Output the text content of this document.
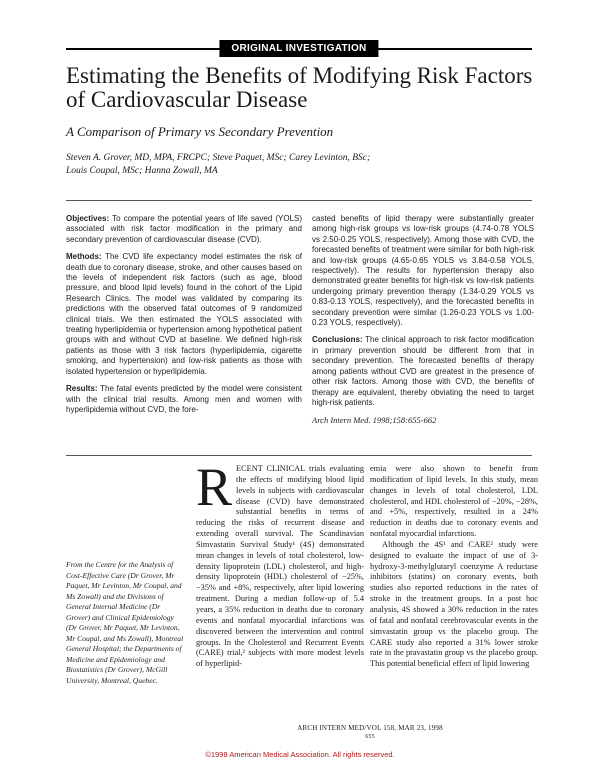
ORIGINAL INVESTIGATION
Estimating the Benefits of Modifying Risk Factors of Cardiovascular Disease
A Comparison of Primary vs Secondary Prevention
Steven A. Grover, MD, MPA, FRCPC; Steve Paquet, MSc; Carey Levinton, BSc;
Louis Coupal, MSc; Hanna Zowall, MA

Objectives: To compare the potential years of life saved (YOLS) associated with risk factor modification in the primary and secondary prevention of cardiovascular disease (CVD).

Methods: The CVD life expectancy model estimates the risk of death due to coronary disease, stroke, and other causes based on the levels of independent risk factors (such as age, blood pressure, and blood lipid levels) found in the cohort of the Lipid Research Clinics. The model was validated by comparing its predictions with the observed fatal outcomes of 9 randomized clinical trials. We then estimated the YOLS associated with treating hyperlipidemia or hypertension among hypothetical patient groups with and without CVD at baseline. We defined high-risk patients as those with 3 risk factors (hyperlipidemia, cigarette smoking, and hypertension) and low-risk patients as those with isolated hypertension or hyperlipidemia.

Results: The fatal events predicted by the model were consistent with the clinical trial results. Among men and women with hyperlipidemia without CVD, the fore-

casted benefits of lipid therapy were substantially greater among high-risk groups vs low-risk groups (4.74-0.78 YOLS vs 2.50-0.25 YOLS, respectively). Among those with CVD, the forecasted benefits of treatment were similar for both high-risk and low-risk groups (4.65-0.65 YOLS vs 3.84-0.58 YOLS, respectively). The results for hypertension therapy also demonstrated greater benefits for high-risk vs low-risk patients undergoing primary prevention therapy (1.34-0.29 YOLS vs 0.83-0.13 YOLS, respectively), and the forecasted benefits in secondary prevention were similar (1.26-0.23 YOLS vs 1.00-0.23 YOLS, respectively).

Conclusions: The clinical approach to risk factor modification in primary prevention should be different from that in secondary prevention. The forecasted benefits of therapy among patients without CVD are greatest in the presence of other risk factors. Among those with CVD, the benefits of therapy are equivalent, thereby obviating the need to target high-risk patients.

Arch Intern Med. 1998;158:655-662
From the Centre for the Analysis of Cost-Effective Care (Dr Grover, Mr Paquet, Mr Levinton, Mr Coupal, and Ms Zowall) and the Divisions of General Internal Medicine (Dr Grover) and Clinical Epidemiology (Dr Grover, Mr Paquet, Mr Levinton, Mr Coupal, and Ms Zowall), Montreal General Hospital; the Departments of Medicine and Epidemiology and Biostatistics (Dr Grover), McGill University, Montreal, Quebec.
RECENT CLINICAL trials evaluating the effects of modifying blood lipid levels in subjects with cardiovascular disease (CVD) have demonstrated substantial benefits in terms of reducing the risks of recurrent disease and extending overall survival. The Scandinavian Simvastatin Survival Study¹ (4S) demonstrated mean changes in levels of total cholesterol, low-density lipoprotein (LDL) cholesterol, and high-density lipoprotein (HDL) cholesterol of −25%, −35% and +8%, respectively, after lipid lowering treatment. During a median follow-up of 5.4 years, a 35% reduction in deaths due to coronary events and nonfatal myocardial infarctions was discovered between the intervention and control groups. In the Cholesterol and Recurrent Events (CARE) trial,² subjects with more modest levels of hyperlipid-
emia were also shown to benefit from modification of lipid levels. In this study, mean changes in levels of total cholesterol, LDL cholesterol, and HDL cholesterol of −20%, −28%, and +5%, respectively, resulted in a 24% reduction in deaths due to coronary events and nonfatal myocardial infarctions.
Although the 4S¹ and CARE² study were designed to evaluate the impact of use of 3-hydroxy-3-methylglutaryl coenzyme A reductase inhibitors (statins) on coronary events, both studies also reported reductions in the rates of stroke in the treatment groups. In a post hoc analysis, 4S showed a 30% reduction in the rates of fatal and nonfatal cerebrovascular events in the simvastatin group vs the placebo group. The CARE study also reported a 31% lower stroke rate in the pravastatin group vs the placebo group. This potential beneficial effect of lipid lowering
ARCH INTERN MED/VOL 158, MAR 23, 1998
655
©1998 American Medical Association. All rights reserved.
